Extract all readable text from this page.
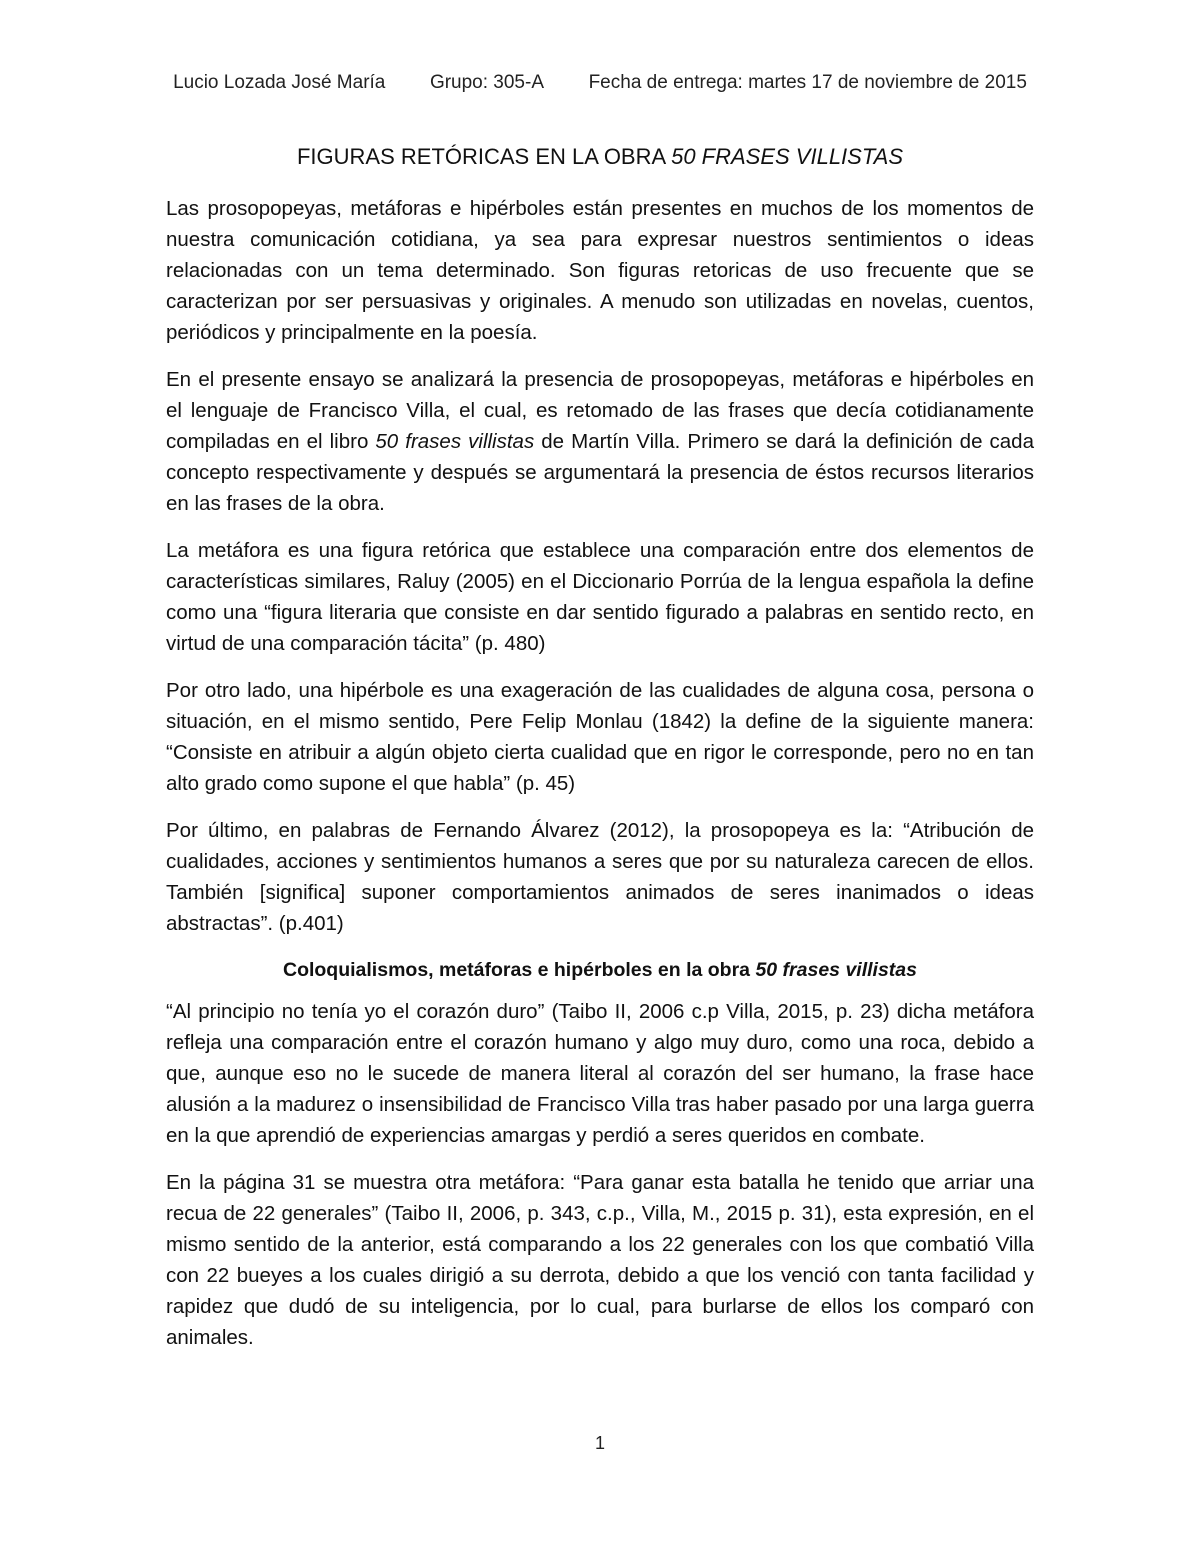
Lucio Lozada José María Grupo: 305-A Fecha de entrega: martes 17 de noviembre de 2015
FIGURAS RETÓRICAS EN LA OBRA 50 FRASES VILLISTAS

Las prosopopeyas, metáforas e hipérboles están presentes en muchos de los momentos de nuestra comunicación cotidiana, ya sea para expresar nuestros sentimientos o ideas relacionadas con un tema determinado. Son figuras retoricas de uso frecuente que se caracterizan por ser persuasivas y originales. A menudo son utilizadas en novelas, cuentos, periódicos y principalmente en la poesía.

En el presente ensayo se analizará la presencia de prosopopeyas, metáforas e hipérboles en el lenguaje de Francisco Villa, el cual, es retomado de las frases que decía cotidianamente compiladas en el libro 50 frases villistas de Martín Villa. Primero se dará la definición de cada concepto respectivamente y después se argumentará la presencia de éstos recursos literarios en las frases de la obra.

La metáfora es una figura retórica que establece una comparación entre dos elementos de características similares, Raluy (2005) en el Diccionario Porrúa de la lengua española la define como una “figura literaria que consiste en dar sentido figurado a palabras en sentido recto, en virtud de una comparación tácita” (p. 480)

Por otro lado, una hipérbole es una exageración de las cualidades de alguna cosa, persona o situación, en el mismo sentido, Pere Felip Monlau (1842) la define de la siguiente manera: “Consiste en atribuir a algún objeto cierta cualidad que en rigor le corresponde, pero no en tan alto grado como supone el que habla” (p. 45)

Por último, en palabras de Fernando Álvarez (2012), la prosopopeya es la: “Atribución de cualidades, acciones y sentimientos humanos a seres que por su naturaleza carecen de ellos. También [significa] suponer comportamientos animados de seres inanimados o ideas abstractas”. (p.401)

Coloquialismos, metáforas e hipérboles en la obra 50 frases villistas

“Al principio no tenía yo el corazón duro” (Taibo II, 2006 c.p Villa, 2015, p. 23) dicha metáfora refleja una comparación entre el corazón humano y algo muy duro, como una roca, debido a que, aunque eso no le sucede de manera literal al corazón del ser humano, la frase hace alusión a la madurez o insensibilidad de Francisco Villa tras haber pasado por una larga guerra en la que aprendió de experiencias amargas y perdió a seres queridos en combate.

En la página 31 se muestra otra metáfora: “Para ganar esta batalla he tenido que arriar una recua de 22 generales” (Taibo II, 2006, p. 343, c.p., Villa, M., 2015 p. 31), esta expresión, en el mismo sentido de la anterior, está comparando a los 22 generales con los que combatió Villa con 22 bueyes a los cuales dirigió a su derrota, debido a que los venció con tanta facilidad y rapidez que dudó de su inteligencia, por lo cual, para burlarse de ellos los comparó con animales.

1
